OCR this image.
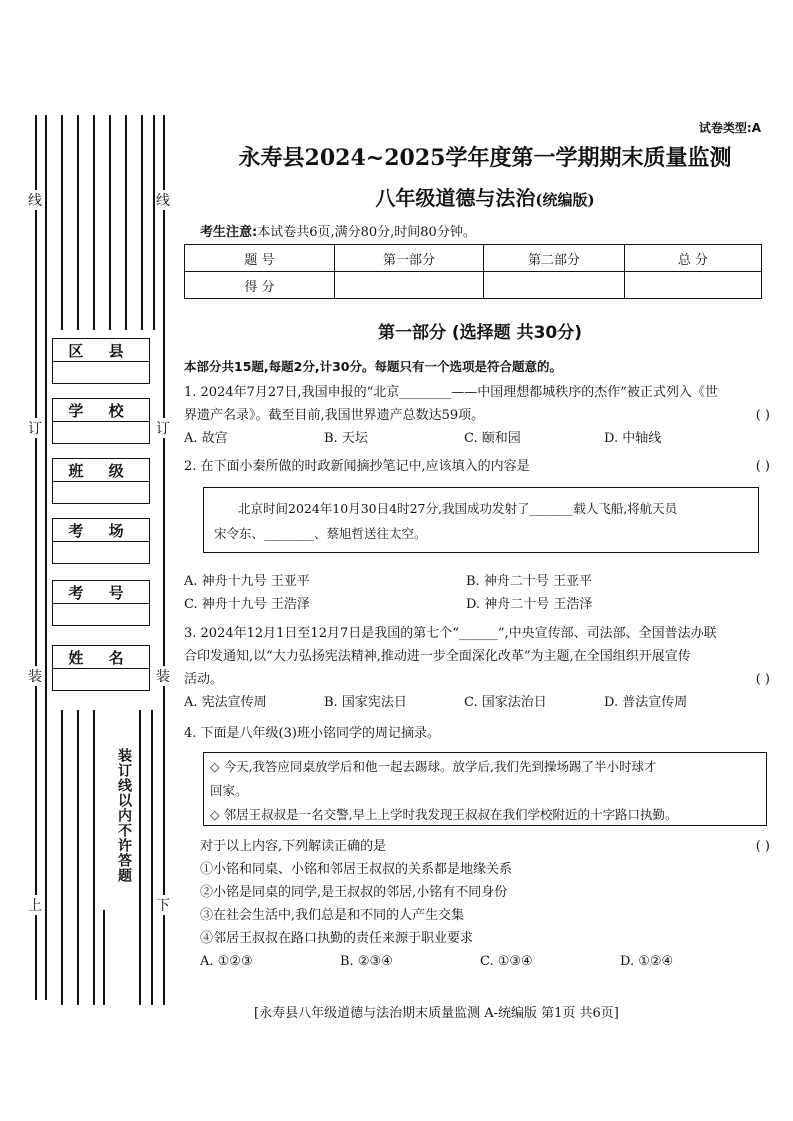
线	线
订	订
装	装
上	下
区 县
学 校
班 级
考 场
考 号
姓 名
装订线以内不许答题
试卷类型:A
永寿县2024~2025学年度第一学期期末质量监测
八年级道德与法治(统编版)
考生注意:本试卷共6页,满分80分,时间80分钟。
题 号	第一部分	第二部分	总 分
得 分			
第一部分 (选择题 共30分)
本部分共15题,每题2分,计30分。每题只有一个选项是符合题意的。
1. 2024年7月27日,我国申报的“北京________——中国理想都城秩序的杰作”被正式列入《世
界遗产名录》。截至目前,我国世界遗产总数达59项。	( )
A. 故宫	B. 天坛	C. 颐和园	D. 中轴线
2. 在下面小秦所做的时政新闻摘抄笔记中,应该填入的内容是	( )
北京时间2024年10月30日4时27分,我国成功发射了_______载人飞船,将航天员
宋令东、________、蔡旭哲送往太空。
A. 神舟十九号 王亚平	B. 神舟二十号 王亚平
C. 神舟十九号 王浩泽	D. 神舟二十号 王浩泽
3. 2024年12月1日至12月7日是我国的第七个“______”,中央宣传部、司法部、全国普法办联
合印发通知,以“大力弘扬宪法精神,推动进一步全面深化改革”为主题,在全国组织开展宣传
活动。	( )
A. 宪法宣传周	B. 国家宪法日	C. 国家法治日	D. 普法宣传周
4. 下面是八年级(3)班小铭同学的周记摘录。
◇ 今天,我答应同桌放学后和他一起去踢球。放学后,我们先到操场踢了半小时球才
回家。
◇ 邻居王叔叔是一名交警,早上上学时我发现王叔叔在我们学校附近的十字路口执勤。
对于以上内容,下列解读正确的是	( )
①小铭和同桌、小铭和邻居王叔叔的关系都是地缘关系
②小铭是同桌的同学,是王叔叔的邻居,小铭有不同身份
③在社会生活中,我们总是和不同的人产生交集
④邻居王叔叔在路口执勤的责任来源于职业要求
A. ①②③	B. ②③④	C. ①③④	D. ①②④
[永寿县八年级道德与法治期末质量监测 A-统编版 第1页 共6页]
